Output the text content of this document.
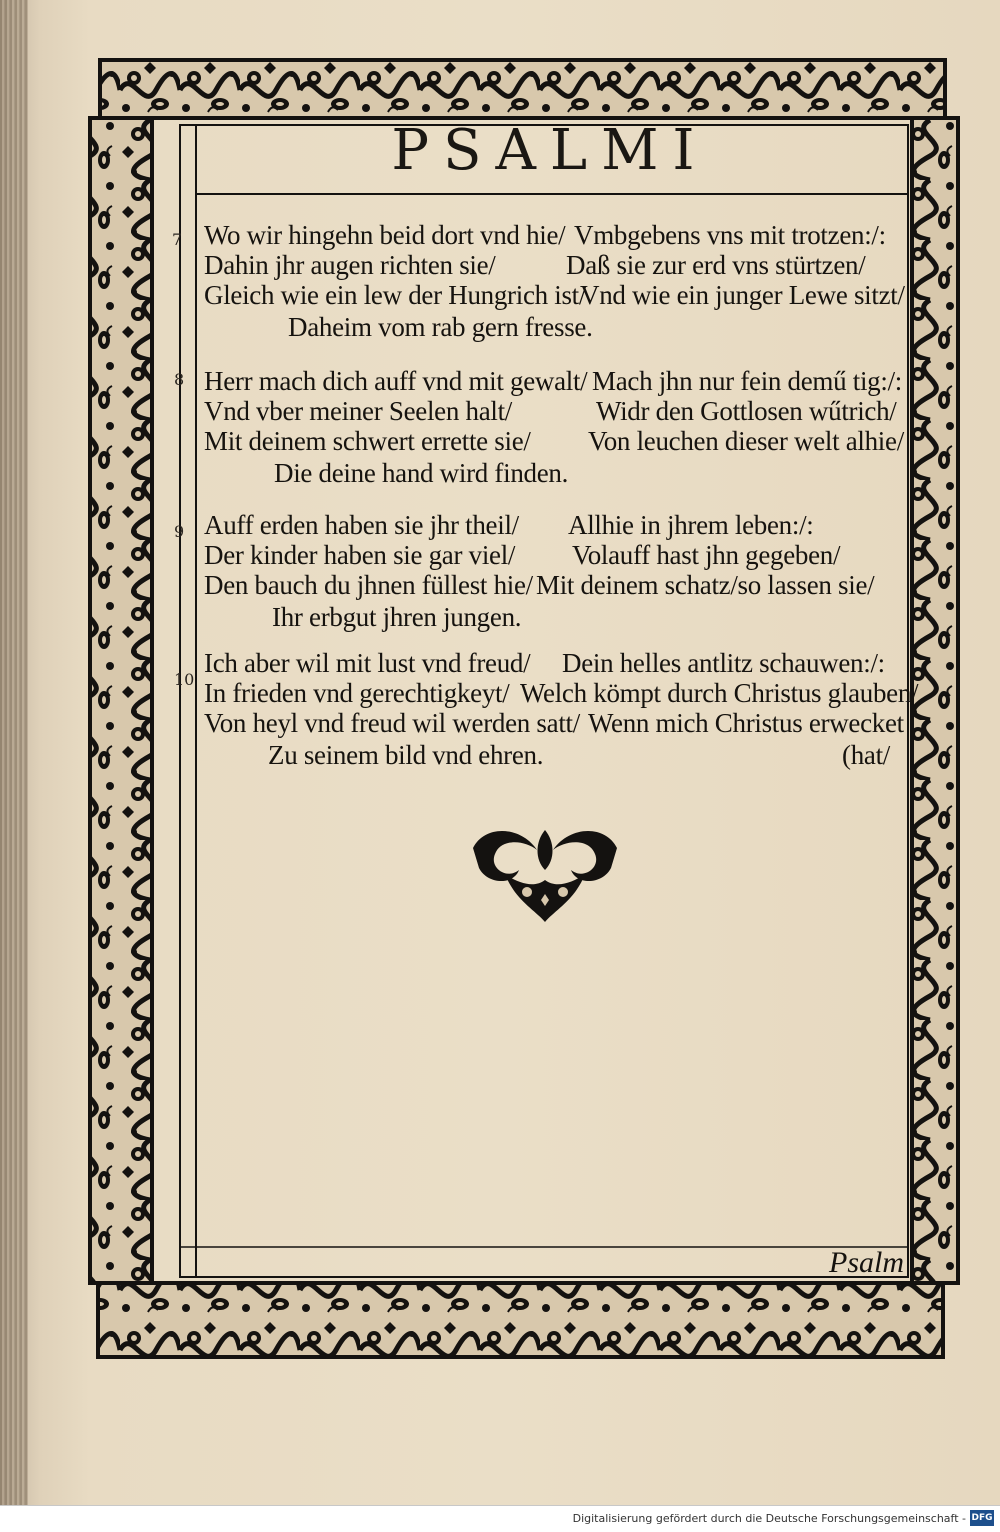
PSALMI
7 Wo wir hingehn beid dort vnd hie/ Vmbgebens vns mit trotzen:/:
Dahin jhr augen richten sie/	Daß sie zur erd vns stürtzen/
Gleich wie ein lew der Hungrich ist/
Vnd wie ein junger Lewe sitzt/
Daheim vom rab gern fresse.
8 Herr mach dich auff vnd mit gewalt/ Mach jhn nur fein demű tig:/:
Vnd vber meiner Seelen halt/	Widr den Gottlosen wűtrich/
Mit deinem schwert errette sie/ Von leuchen dieser welt alhie/
Die deine hand wird finden.
9 Auff erden haben sie jhr theil/ Allhie in jhrem leben:/:
Der kinder haben sie gar viel/ Volauff hast jhn gegeben/
Den bauch du jhnen füllest hie/ Mit deinem schatz/so lassen sie/
Ihr erbgut jhren jungen.
10
Ich aber wil mit lust vnd freud/ Dein helles antlitz schauwen:/:
In frieden vnd gerechtigkeyt/ Welch kömpt durch Christus glauben/
Von heyl vnd freud wil werden satt/ Wenn mich Christus erwecket
Zu seinem bild vnd ehren.	(hat/
Psalm
Digitalisierung gefördert durch die Deutsche Forschungsgemeinschaft - DFG
